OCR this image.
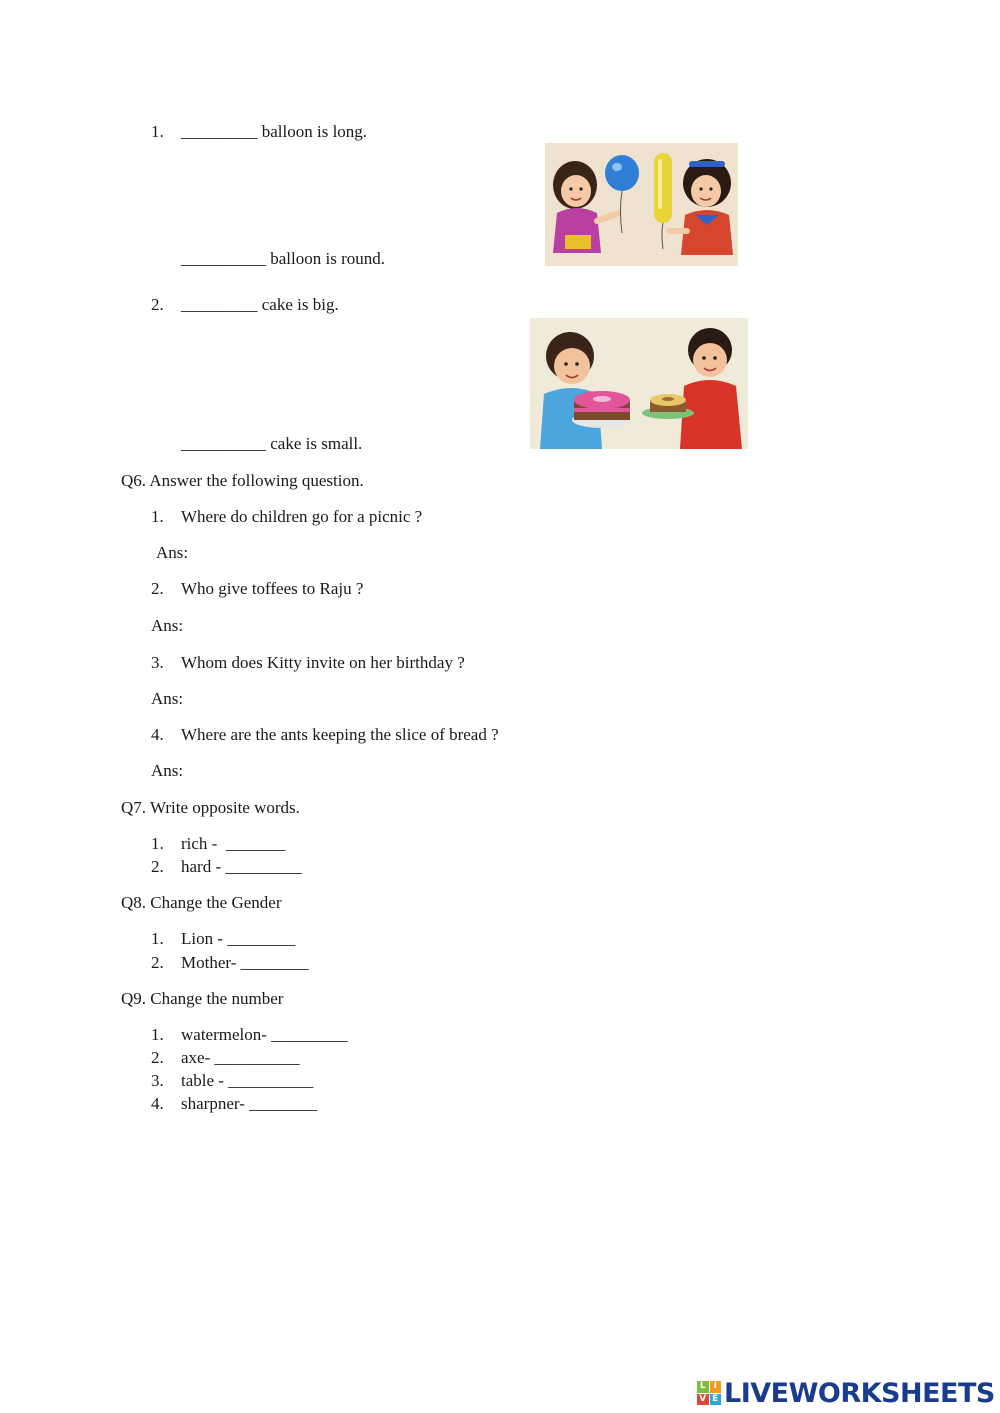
1. _________ balloon is long.
__________ balloon is round.
2. _________ cake is big.
__________ cake is small.
Q6. Answer the following question.
1. Where do children go for a picnic ?
Ans:
2. Who give toffees to Raju ?
Ans:
3. Whom does Kitty invite on her birthday ?
Ans:
4. Where are the ants keeping the slice of bread ?
Ans:
Q7. Write opposite words.
1. rich -  _______
2. hard - _________
Q8. Change the Gender
1. Lion - ________
2. Mother- ________
Q9. Change the number
1. watermelon- _________
2. axe- __________
3. table - __________
4. sharpner- ________
L I
V E LIVEWORKSHEETS
